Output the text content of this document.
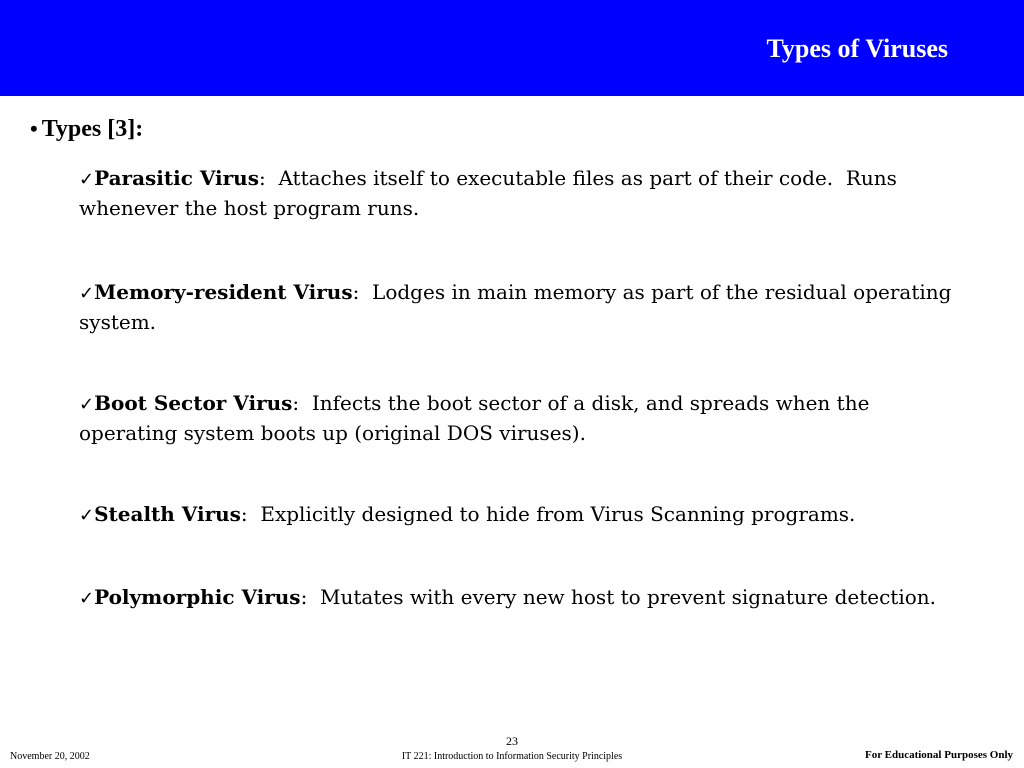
Types of Viruses
• Types [3]:

✓Parasitic Virus:  Attaches itself to executable files as part of their code.  Runs whenever the host program runs.

✓Memory-resident Virus:  Lodges in main memory as part of the residual operating system.

✓Boot Sector Virus:  Infects the boot sector of a disk, and spreads when the operating system boots up (original DOS viruses).

✓Stealth Virus:  Explicitly designed to hide from Virus Scanning programs.

✓Polymorphic Virus:  Mutates with every new host to prevent signature detection.

November 20, 2002
23
IT 221: Introduction to Information Security Principles	For Educational Purposes Only
